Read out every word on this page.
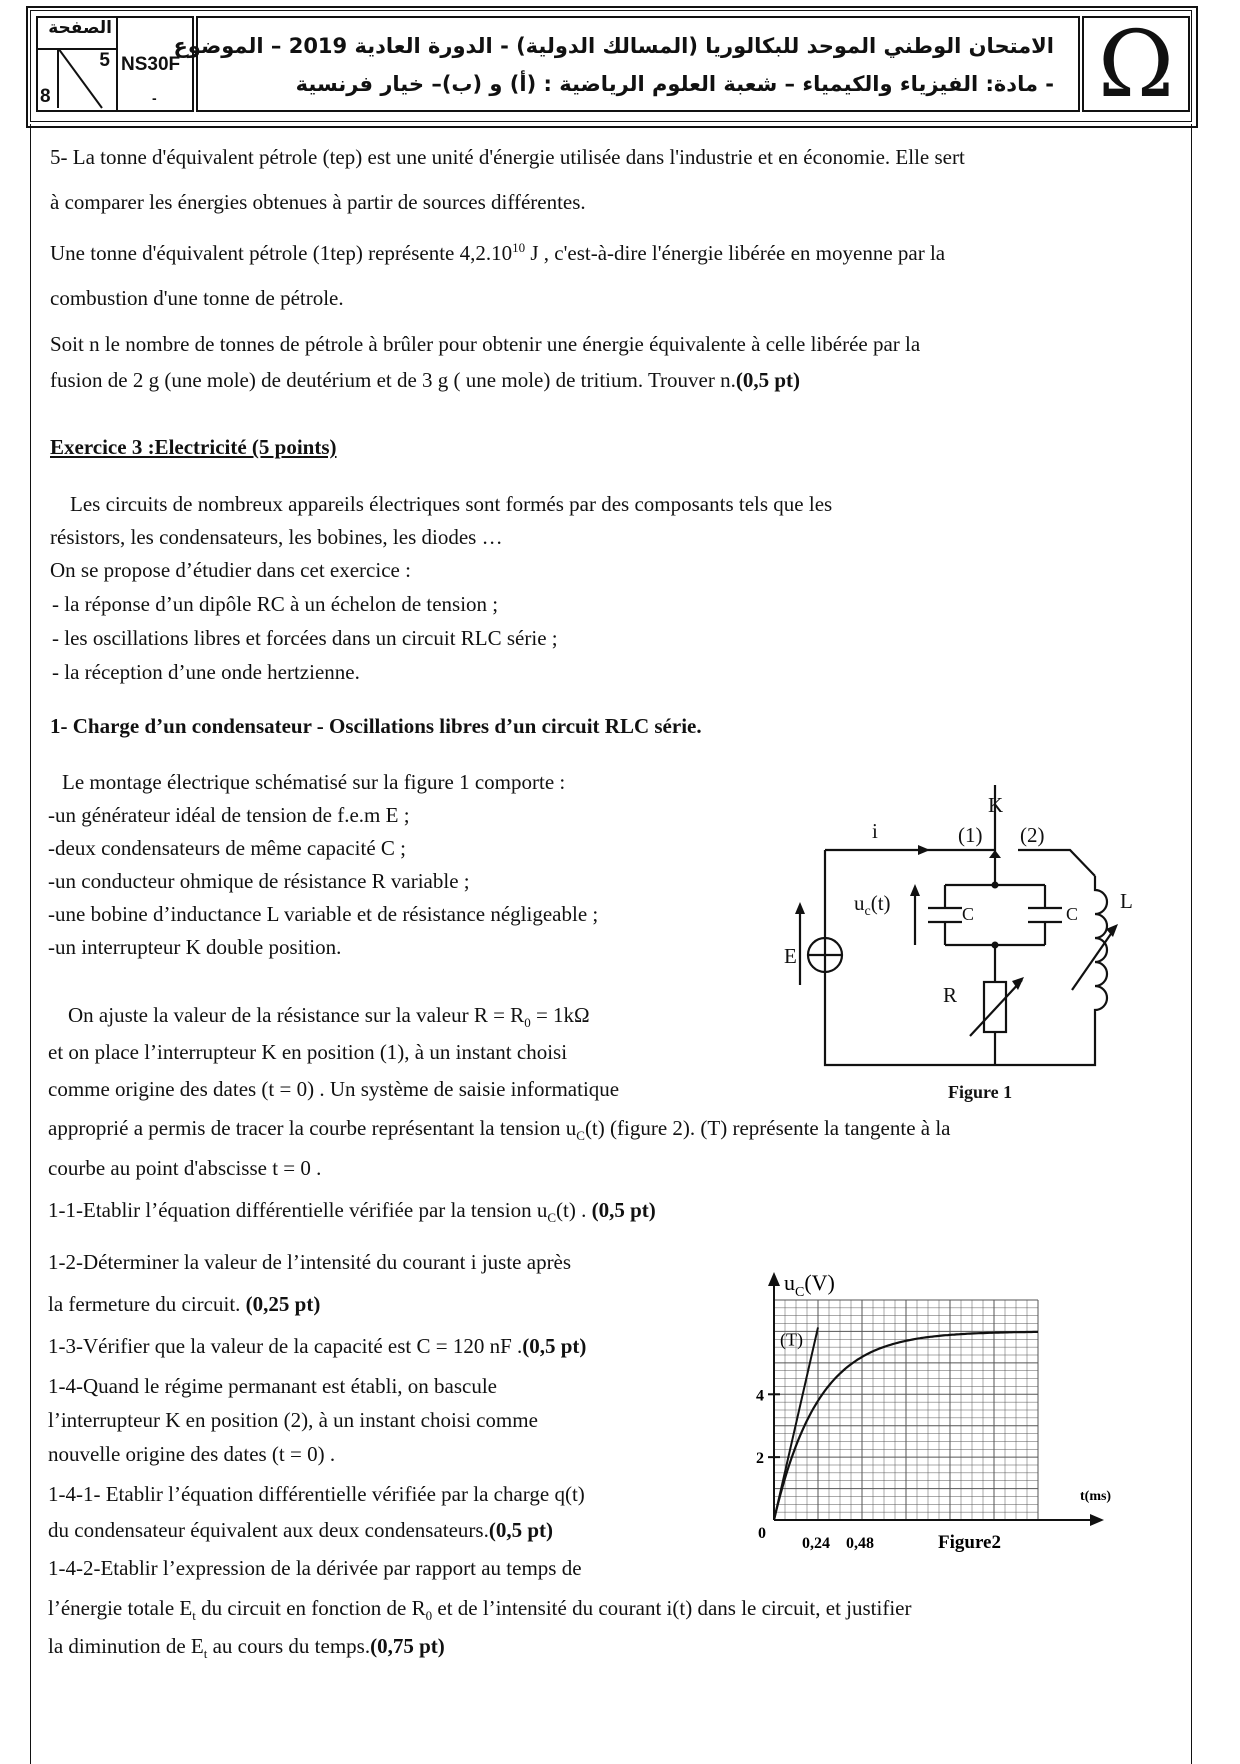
الصفحة
5
8
NS30F
-
الامتحان الوطني الموحد للبكالوريا (المسالك الدولية) - الدورة العادية 2019 – الموضوع
- مادة: الفيزياء والكيمياء – شعبة العلوم الرياضية : (أ) و (ب)– خيار فرنسية Ω
5- La tonne d'équivalent pétrole (tep) est une unité d'énergie utilisée dans l'industrie et en économie. Elle sert
à comparer les énergies obtenues à partir de sources différentes.
Une tonne d'équivalent pétrole (1tep) représente 4,2.10$^{10}$ J , c'est-à-dire l'énergie libérée en moyenne par la
combustion d'une tonne de pétrole.
Soit n le nombre de tonnes de pétrole à brûler pour obtenir une énergie équivalente à celle libérée par la
fusion de 2 g (une mole) de deutérium et de 3 g ( une mole) de tritium. Trouver n.(0,5 pt)
Exercice 3 :Electricité (5 points)
Les circuits de nombreux appareils électriques sont formés par des composants tels que les
résistors, les condensateurs, les bobines, les diodes …
On se propose d’étudier dans cet exercice :
- la réponse d’un dipôle RC à un échelon de tension ;
- les oscillations libres et forcées dans un circuit RLC série ;
- la réception d’une onde hertzienne.
1- Charge d’un condensateur - Oscillations libres d’un circuit RLC série.
Le montage électrique schématisé sur la figure 1 comporte :
-un générateur idéal de tension de f.e.m E ;
-deux condensateurs de même capacité C ;
-un conducteur ohmique de résistance R variable ;
-une bobine d’inductance L variable et de résistance négligeable ;
-un interrupteur K double position.
On ajuste la valeur de la résistance sur la valeur $R = R_0 = 1k\Omega$
et on place l’interrupteur K en position (1), à un instant choisi
comme origine des dates (t = 0) . Un système de saisie informatique
approprié a permis de tracer la courbe représentant la tension $u_C(t)$ (figure 2). (T) représente la tangente à la
courbe au point d'abscisse t = 0 .
1-1-Etablir l’équation différentielle vérifiée par la tension $u_C(t)$ . (0,5 pt)
1-2-Déterminer la valeur de l’intensité du courant i juste après
la fermeture du circuit. (0,25 pt)
1-3-Vérifier que la valeur de la capacité est C = 120 nF .(0,5 pt)
1-4-Quand le régime permanant est établi, on bascule
l’interrupteur K en position (2), à un instant choisi comme
nouvelle origine des dates (t = 0) .
1-4-1- Etablir l’équation différentielle vérifiée par la charge q(t)
du condensateur équivalent aux deux condensateurs.(0,5 pt)
1-4-2-Etablir l’expression de la dérivée par rapport au temps de
l’énergie totale $E_t$ du circuit en fonction de $R_0$ et de l’intensité du courant i(t) dans le circuit, et justifier
la diminution de $E_t$ au cours du temps.(0,75 pt)
K
(1) (2)
i
$u_c(t)$	C	C
L
E
R
Figure 1
2
4
0,24 0,48
0
$u_C(V)$
t(ms)
Figure2
(T)
